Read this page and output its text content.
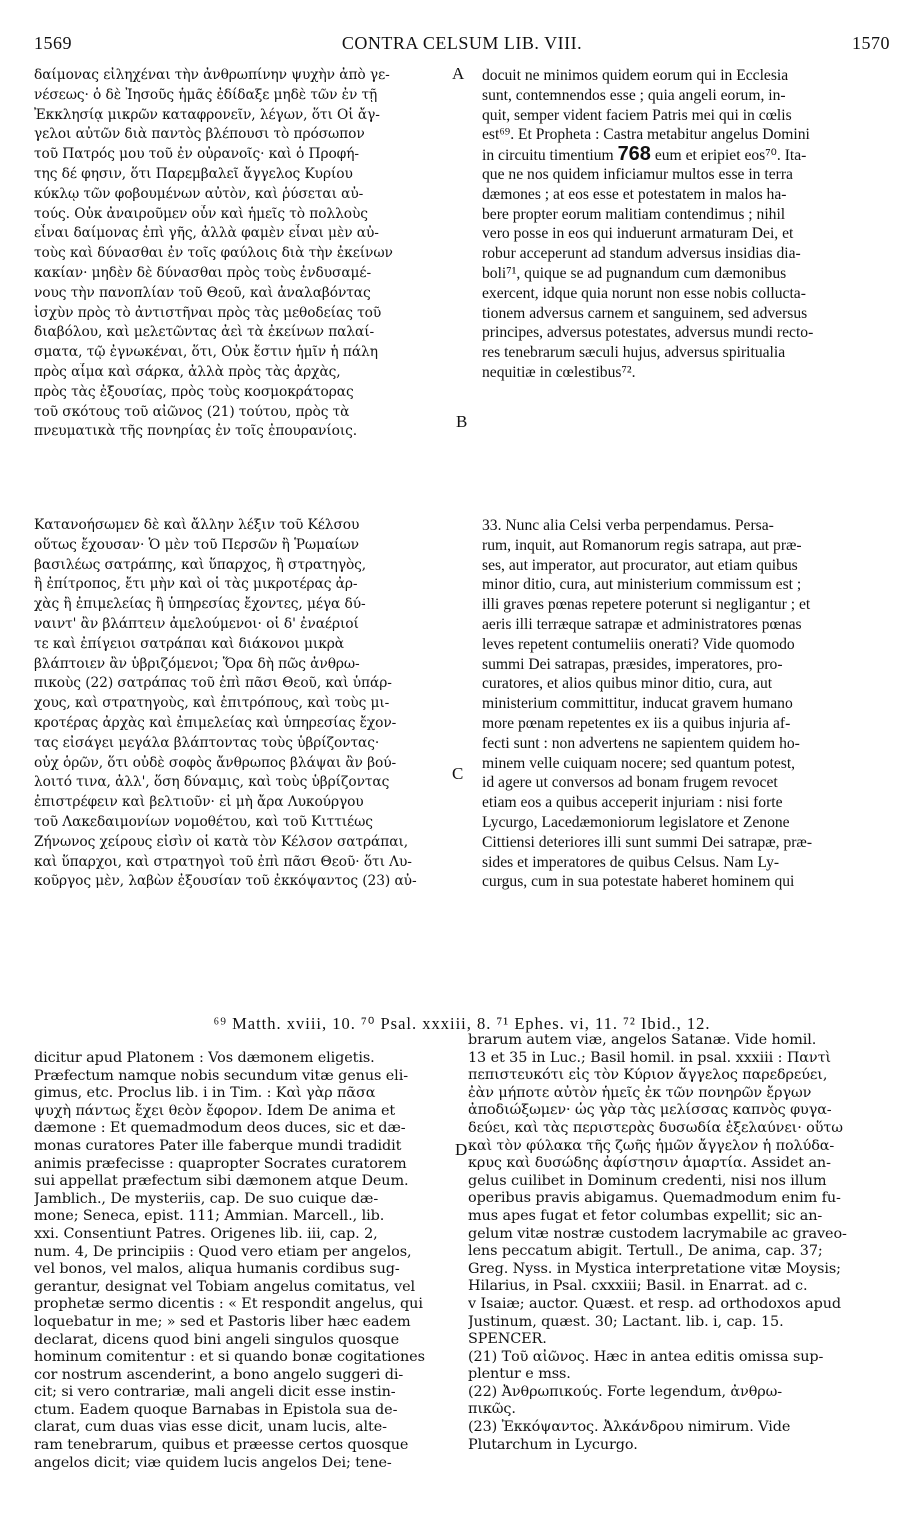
1569	CONTRA CELSUM LIB. VIII.	1570
δαίμονας εἰληχέναι τὴν ἀνθρωπίνην ψυχὴν ἀπὸ γε-
νέσεως· ὁ δὲ Ἰησοῦς ἡμᾶς ἐδίδαξε μηδὲ τῶν ἐν τῇ
Ἐκκλησίᾳ μικρῶν καταφρονεῖν, λέγων, ὅτι Οἱ ἄγ-
γελοι αὐτῶν διὰ παντὸς βλέπουσι τὸ πρόσωπον
τοῦ Πατρός μου τοῦ ἐν οὐρανοῖς· καὶ ὁ Προφή-
της δέ φησιν, ὅτι Παρεμβαλεῖ ἄγγελος Κυρίου
κύκλῳ τῶν φοβουμένων αὐτὸν, καὶ ῥύσεται αὐ-
τούς. Οὐκ ἀναιροῦμεν οὖν καὶ ἡμεῖς τὸ πολλοὺς
εἶναι δαίμονας ἐπὶ γῆς, ἀλλὰ φαμὲν εἶναι μὲν αὐ-
τοὺς καὶ δύνασθαι ἐν τοῖς φαύλοις διὰ τὴν ἐκείνων
κακίαν· μηδὲν δὲ δύνασθαι πρὸς τοὺς ἐνδυσαμέ-
νους τὴν πανοπλίαν τοῦ Θεοῦ, καὶ ἀναλαβόντας
ἰσχὺν πρὸς τὸ ἀντιστῆναι πρὸς τὰς μεθοδείας τοῦ
διαβόλου, καὶ μελετῶντας ἀεὶ τὰ ἐκείνων παλαί-
σματα, τῷ ἐγνωκέναι, ὅτι, Οὐκ ἔστιν ἡμῖν ἡ πάλη
πρὸς αἷμα καὶ σάρκα, ἀλλὰ πρὸς τὰς ἀρχὰς,
πρὸς τὰς ἐξουσίας, πρὸς τοὺς κοσμοκράτορας
τοῦ σκότους τοῦ αἰῶνος (21) τούτου, πρὸς τὰ
πνευματικὰ τῆς πονηρίας ἐν τοῖς ἐπουρανίοις.
docuit ne minimos quidem eorum qui in Ecclesia
sunt, contemnendos esse ; quia angeli eorum, in-
quit, semper vident faciem Patris mei qui in cœlis
est⁶⁹. Et Propheta : Castra metabitur angelus Domini
in circuitu timentium 768 eum et eripiet eos⁷⁰. Ita-
que ne nos quidem inficiamur multos esse in terra
dæmones ; at eos esse et potestatem in malos ha-
bere propter eorum malitiam contendimus ; nihil
vero posse in eos qui induerunt armaturam Dei, et
robur acceperunt ad standum adversus insidias dia-
boli⁷¹, quique se ad pugnandum cum dæmonibus
exercent, idque quia norunt non esse nobis colluctа-
tionem adversus carnem et sanguinem, sed adversus
principes, adversus potestates, adversus mundi recto-
res tenebrarum sæculi hujus, adversus spiritualia
nequitiæ in cœlestibus⁷².
Κατανοήσωμεν δὲ καὶ ἄλλην λέξιν τοῦ Κέλσου
οὕτως ἔχουσαν· Ὁ μὲν τοῦ Περσῶν ἢ Ῥωμαίων
βασιλέως σατράπης, καὶ ὕπαρχος, ἢ στρατηγὸς,
ἢ ἐπίτροπος, ἔτι μὴν καὶ οἱ τὰς μικροτέρας ἀρ-
χὰς ἢ ἐπιμελείας ἢ ὑπηρεσίας ἔχοντες, μέγα δύ-
ναιντ' ἂν βλάπτειν ἀμελούμενοι· οἱ δ' ἐναέριοί
τε καὶ ἐπίγειοι σατράπαι καὶ διάκονοι μικρὰ
βλάπτοιεν ἂν ὑβριζόμενοι; Ὅρα δὴ πῶς ἀνθρω-
πικοὺς (22) σατράπας τοῦ ἐπὶ πᾶσι Θεοῦ, καὶ ὑπάρ-
χους, καὶ στρατηγοὺς, καὶ ἐπιτρόπους, καὶ τοὺς μι-
κροτέρας ἀρχὰς καὶ ἐπιμελείας καὶ ὑπηρεσίας ἔχον-
τας εἰσάγει μεγάλα βλάπτοντας τοὺς ὑβρίζοντας·
οὐχ ὁρῶν, ὅτι οὐδὲ σοφὸς ἄνθρωπος βλάψαι ἂν βού-
λοιτό τινα, ἀλλ', ὅση δύναμις, καὶ τοὺς ὑβρίζοντας
ἐπιστρέφειν καὶ βελτιοῦν· εἰ μὴ ἄρα Λυκούργου
τοῦ Λακεδαιμονίων νομοθέτου, καὶ τοῦ Κιττιέως
Ζήνωνος χείρους εἰσὶν οἱ κατὰ τὸν Κέλσον σατράπαι,
καὶ ὕπαρχοι, καὶ στρατηγοὶ τοῦ ἐπὶ πᾶσι Θεοῦ· ὅτι Λυ-
κοῦργος μὲν, λαβὼν ἐξουσίαν τοῦ ἐκκόψαντος (23) αὐ-
33. Nunc alia Celsi verba perpendamus. Persa-
rum, inquit, aut Romanorum regis satrapa, aut præ-
ses, aut imperator, aut procurator, aut etiam quibus
minor ditio, cura, aut ministerium commissum est ;
illi graves pœnas repetere poterunt si negligantur ; et
aeris illi terræque satrapæ et administratores pœnas
leves repetent contumeliis onerati? Vide quomodo
summi Dei satrapas, præsides, imperatores, pro-
curatores, et alios quibus minor ditio, cura, aut
ministerium committitur, inducat gravem humano
more pœnam repetentes ex iis a quibus injuria af-
fecti sunt : non advertens ne sapientem quidem ho-
minem velle cuiquam nocere; sed quantum potest,
id agere ut conversos ad bonam frugem revocet
etiam eos a quibus acceperit injuriam : nisi forte
Lycurgo, Lacedæmoniorum legislatore et Zenone
Cittiensi deteriores illi sunt summi Dei satrapæ, præ-
sides et imperatores de quibus Celsus. Nam Ly-
curgus, cum in sua potestate haberet hominem qui
A
B
C
D
⁶⁹ Matth. xviii, 10. ⁷⁰ Psal. xxxiii, 8. ⁷¹ Ephes. vi, 11. ⁷² Ibid., 12.
dicitur apud Platonem : Vos dæmonem eligetis.
Præfectum namque nobis secundum vitæ genus eli-
gimus, etc. Proclus lib. i in Tim. : Καὶ γὰρ πᾶσα
ψυχὴ πάντως ἔχει θεὸν ἔφορον. Idem De anima et
dæmone : Et quemadmodum deos duces, sic et dæ-
monas curatores Pater ille faberque mundi tradidit
animis præfecisse : quapropter Socrates curatorem
sui appellat præfectum sibi dæmonem atque Deum.
Jamblich., De mysteriis, cap. De suo cuique dæ-
mone; Seneca, epist. 111; Ammian. Marcell., lib.
xxi. Consentiunt Patres. Origenes lib. iii, cap. 2,
num. 4, De principiis : Quod vero etiam per angelos,
vel bonos, vel malos, aliqua humanis cordibus sug-
gerantur, designat vel Tobiam angelus comitatus, vel
prophetæ sermo dicentis : « Et respondit angelus, qui
loquebatur in me; » sed et Pastoris liber hæc eadem
declarat, dicens quod bini angeli singulos quosque
hominum comitentur : et si quando bonæ cogitationes
cor nostrum ascenderint, a bono angelo suggeri di-
cit; si vero contrariæ, mali angeli dicit esse instin-
ctum. Eadem quoque Barnabas in Epistola sua de-
clarat, cum duas vias esse dicit, unam lucis, alte-
ram tenebrarum, quibus et præesse certos quosque
angelos dicit; viæ quidem lucis angelos Dei; tene-
brarum autem viæ, angelos Satanæ. Vide homil.
13 et 35 in Luc.; Basil homil. in psal. xxxiii : Παντὶ
πεπιστευκότι εἰς τὸν Κύριον ἄγγελος παρεδρεύει,
ἐὰν μήποτε αὐτὸν ἡμεῖς ἐκ τῶν πονηρῶν ἔργων
ἀποδιώξωμεν· ὡς γὰρ τὰς μελίσσας καπνὸς φυγα-
δεύει, καὶ τὰς περιστερὰς δυσωδία ἐξελαύνει· οὕτω
καὶ τὸν φύλακα τῆς ζωῆς ἡμῶν ἄγγελον ἡ πολύδα-
κρυς καὶ δυσώδης ἀφίστησιν ἁμαρτία. Assidet an-
gelus cuilibet in Dominum credenti, nisi nos illum
operibus pravis abigamus. Quemadmodum enim fu-
mus apes fugat et fetor columbas expellit; sic an-
gelum vitæ nostræ custodem lacrymabile ac graveo-
lens peccatum abigit. Tertull., De anima, cap. 37;
Greg. Nyss. in Mystica interpretatione vitæ Moysis;
Hilarius, in Psal. cxxxiii; Basil. in Enarrat. ad c.
v Isaiæ; auctor. Quæst. et resp. ad orthodoxos apud
Justinum, quæst. 30; Lactant. lib. i, cap. 15.
SPENCER.
(21) Τοῦ αἰῶνος. Hæc in antea editis omissa sup-
plentur e mss.
(22) Ἀνθρωπικούς. Forte legendum, ἀνθρω-
πικῶς.
(23) Ἐκκόψαντος. Ἀλκάνδρου nimirum. Vide
Plutarchum in Lycurgo.
